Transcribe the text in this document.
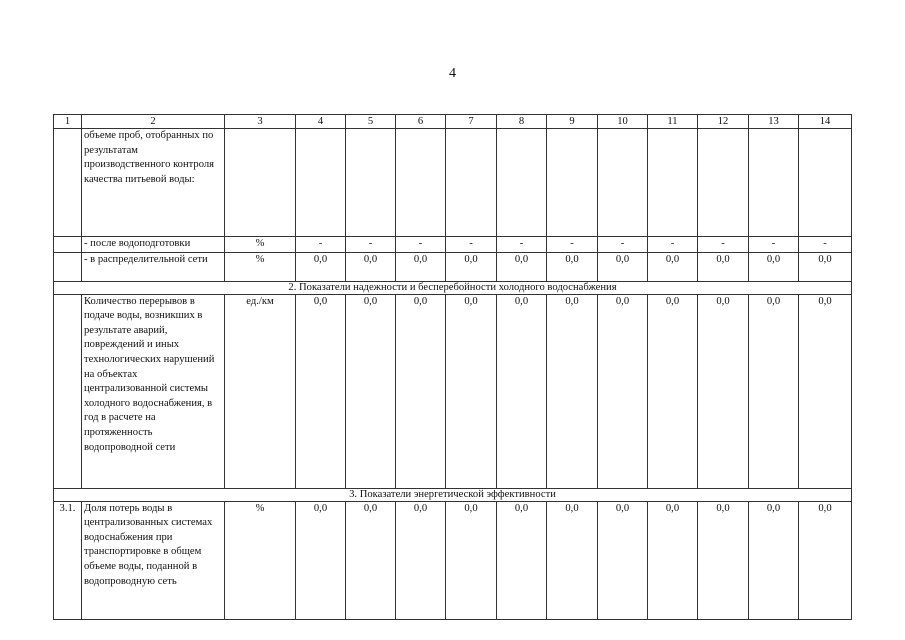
4
1	2	3	4	5	6	7	8	9	10	11	12	13	14
	объеме проб, отобранных по результатам производственного контроля качества питьевой воды:												
	- после водоподготовки	%	-	-	-	-	-	-	-	-	-	-	-
	- в распределительной сети	%	0,0	0,0	0,0	0,0	0,0	0,0	0,0	0,0	0,0	0,0	0,0
2. Показатели надежности и бесперебойности холодного водоснабжения													
	Количество перерывов в подаче воды, возникших в результате аварий, повреждений и иных технологических нарушений на объектах централизованной системы холодного водоснабжения, в год в расчете на протяженность водопроводной сети	ед./км	0,0	0,0	0,0	0,0	0,0	0,0	0,0	0,0	0,0	0,0	0,0
3. Показатели энергетической эффективности													
3.1.	Доля потерь воды в централизованных системах водоснабжения при транспортировке в общем объеме воды, поданной в водопроводную сеть	%	0,0	0,0	0,0	0,0	0,0	0,0	0,0	0,0	0,0	0,0	0,0
